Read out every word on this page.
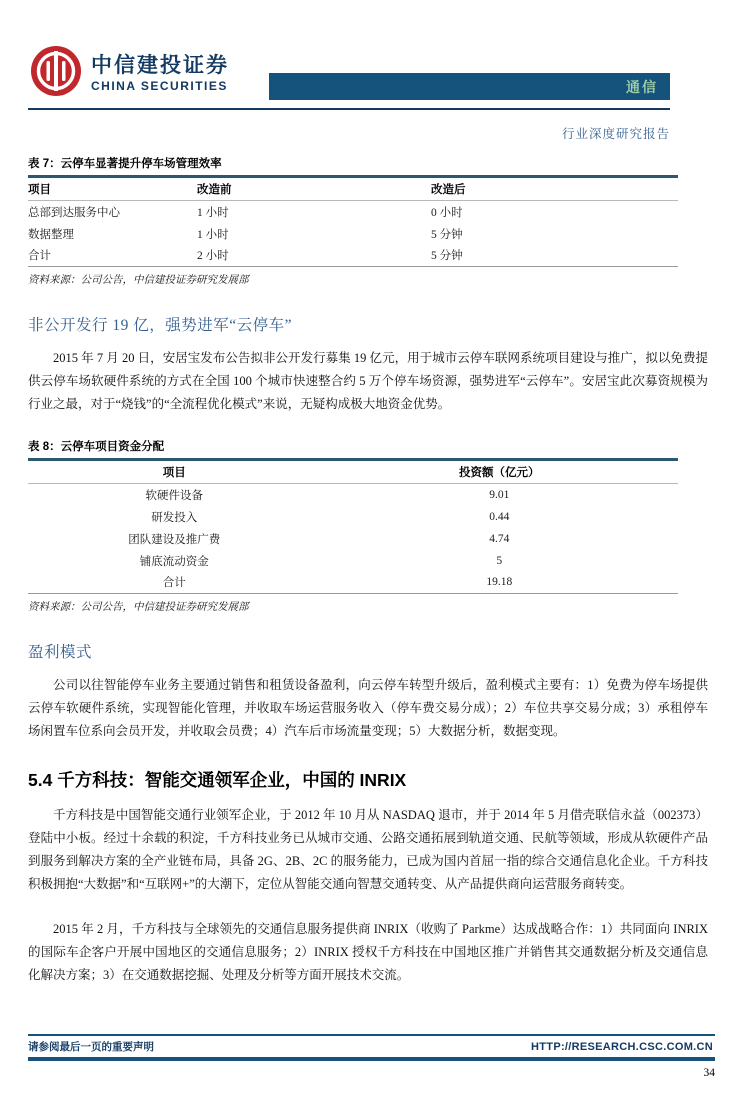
中信建投证券
CHINA SECURITIES	通信
行业深度研究报告
表 7：云停车显著提升停车场管理效率
项目	改造前	改造后
总部到达服务中心	1 小时	0 小时
数据整理	1 小时	5 分钟
合计	2 小时	5 分钟
资料来源：公司公告，中信建投证券研究发展部
非公开发行 19 亿，强势进军“云停车”

2015 年 7 月 20 日，安居宝发布公告拟非公开发行募集 19 亿元，用于城市云停车联网系统项目建设与推广，拟以免费提供云停车场软硬件系统的方式在全国 100 个城市快速整合约 5 万个停车场资源，强势进军“云停车”。安居宝此次募资规模为行业之最，对于“烧钱”的“全流程优化模式”来说，无疑构成极大地资金优势。

表 8：云停车项目资金分配
项目	投资额（亿元）
软硬件设备	9.01
研发投入	0.44
团队建设及推广费	4.74
铺底流动资金	5
合计	19.18
资料来源：公司公告，中信建投证券研究发展部
盈利模式

公司以往智能停车业务主要通过销售和租赁设备盈利，向云停车转型升级后，盈利模式主要有：1）免费为停车场提供云停车软硬件系统，实现智能化管理，并收取车场运营服务收入（停车费交易分成）；2）车位共享交易分成；3）承租停车场闲置车位系向会员开发，并收取会员费；4）汽车后市场流量变现；5）大数据分析，数据变现。

5.4 千方科技：智能交通领军企业，中国的 INRIX

千方科技是中国智能交通行业领军企业，于 2012 年 10 月从 NASDAQ 退市，并于 2014 年 5 月借壳联信永益（002373）登陆中小板。经过十余载的积淀，千方科技业务已从城市交通、公路交通拓展到轨道交通、民航等领域，形成从软硬件产品到服务到解决方案的全产业链布局，具备 2G、2B、2C 的服务能力，已成为国内首屈一指的综合交通信息化企业。千方科技积极拥抱“大数据”和“互联网+”的大潮下，定位从智能交通向智慧交通转变、从产品提供商向运营服务商转变。

2015 年 2 月，千方科技与全球领先的交通信息服务提供商 INRIX（收购了 Parkme）达成战略合作：1）共同面向 INRIX 的国际车企客户开展中国地区的交通信息服务；2）INRIX 授权千方科技在中国地区推广并销售其交通数据分析及交通信息化解决方案；3）在交通数据挖掘、处理及分析等方面开展技术交流。

请参阅最后一页的重要声明	HTTP://RESEARCH.CSC.COM.CN
34
